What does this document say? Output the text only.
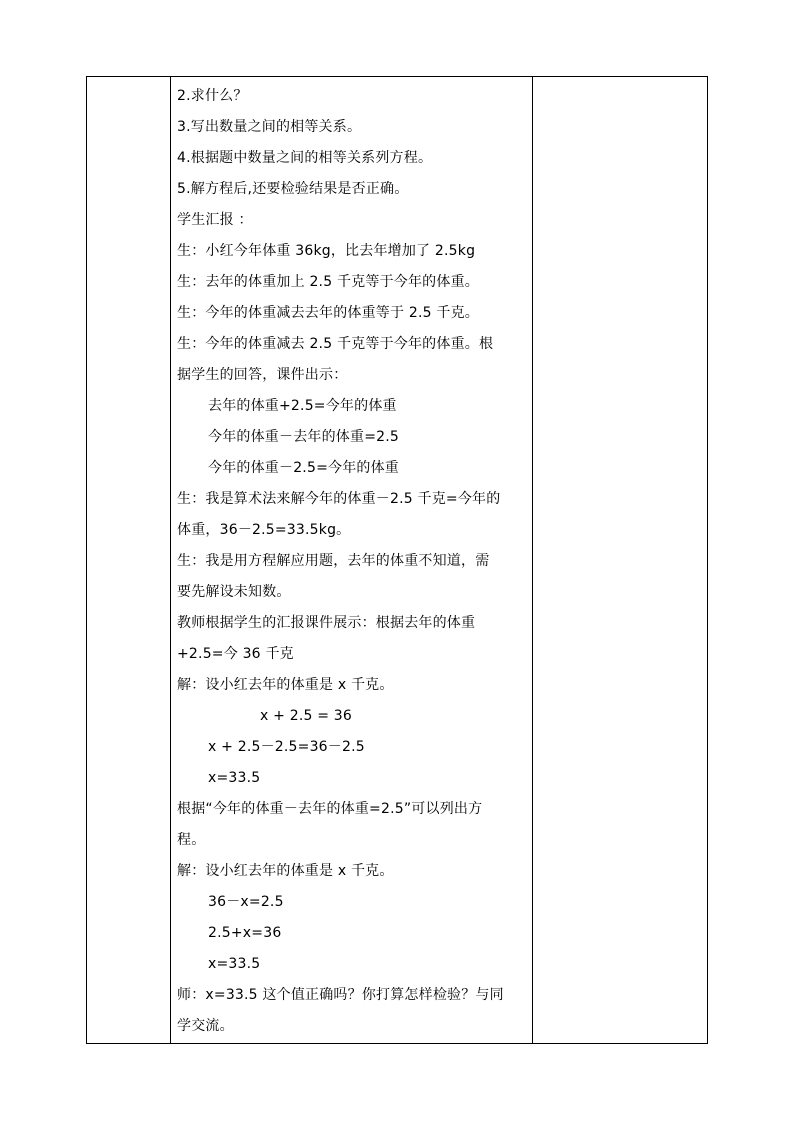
2.求什么？
3.写出数量之间的相等关系。
4.根据题中数量之间的相等关系列方程。
5.解方程后,还要检验结果是否正确。
学生汇报 ：
生：小红今年体重 36kg，比去年增加了 2.5kg
生：去年的体重加上 2.5 千克等于今年的体重。
生：今年的体重减去去年的体重等于 2.5 千克。
生：今年的体重减去 2.5 千克等于今年的体重。根
据学生的回答，课件出示：
去年的体重+2.5=今年的体重
今年的体重－去年的体重=2.5
今年的体重－2.5=今年的体重
生：我是算术法来解今年的体重－2.5 千克=今年的
体重，36－2.5=33.5kg。
生：我是用方程解应用题，去年的体重不知道，需
要先解设未知数。
教师根据学生的汇报课件展示：根据去年的体重
+2.5=今 36 千克
解：设小红去年的体重是 x 千克。
x + 2.5 = 36
x + 2.5－2.5=36－2.5
x=33.5
根据“今年的体重－去年的体重=2.5”可以列出方
程。
解：设小红去年的体重是 x 千克。
36－x=2.5
2.5+x=36
x=33.5
师：x=33.5 这个值正确吗？你打算怎样检验？与同
学交流。
